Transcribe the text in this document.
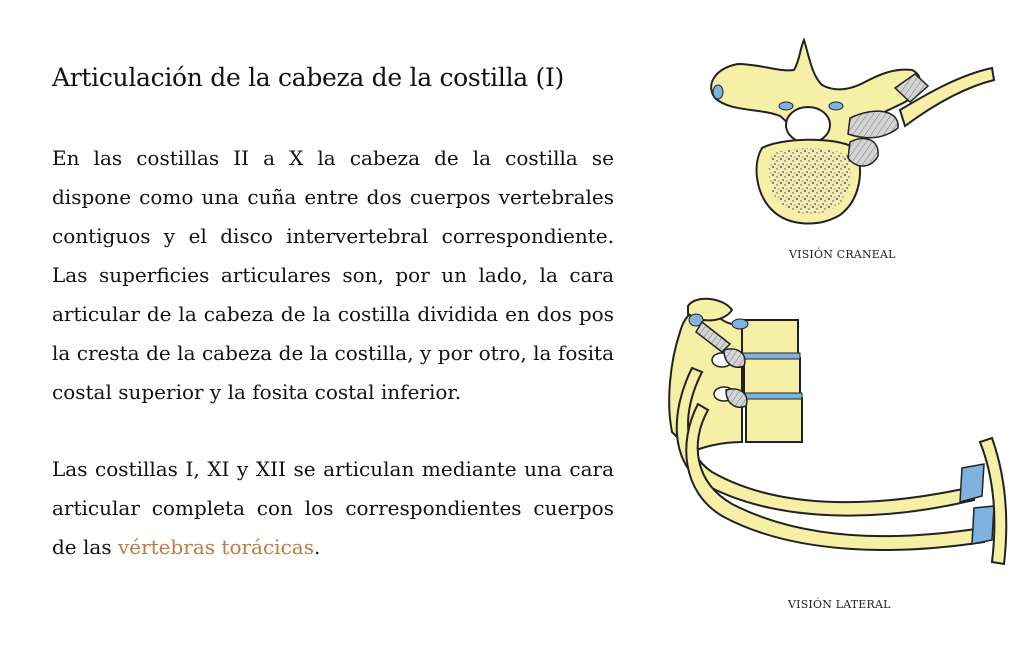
Articulación de la cabeza de la costilla (I)

En las costillas II a X la cabeza de la costilla se dispone como una cuña entre dos cuerpos vertebrales contiguos y el disco intervertebral correspondiente. Las superficies articulares son, por un lado, la cara articular de la cabeza de la costilla dividida en dos pos la cresta de la cabeza de la costilla, y por otro, la fosita costal superior y la fosita costal inferior.

Las costillas I, XI y XII se articulan mediante una cara articular completa con los correspondientes cuerpos de las vértebras torácicas.

VISIÓN CRANEAL
VISIÓN LATERAL
